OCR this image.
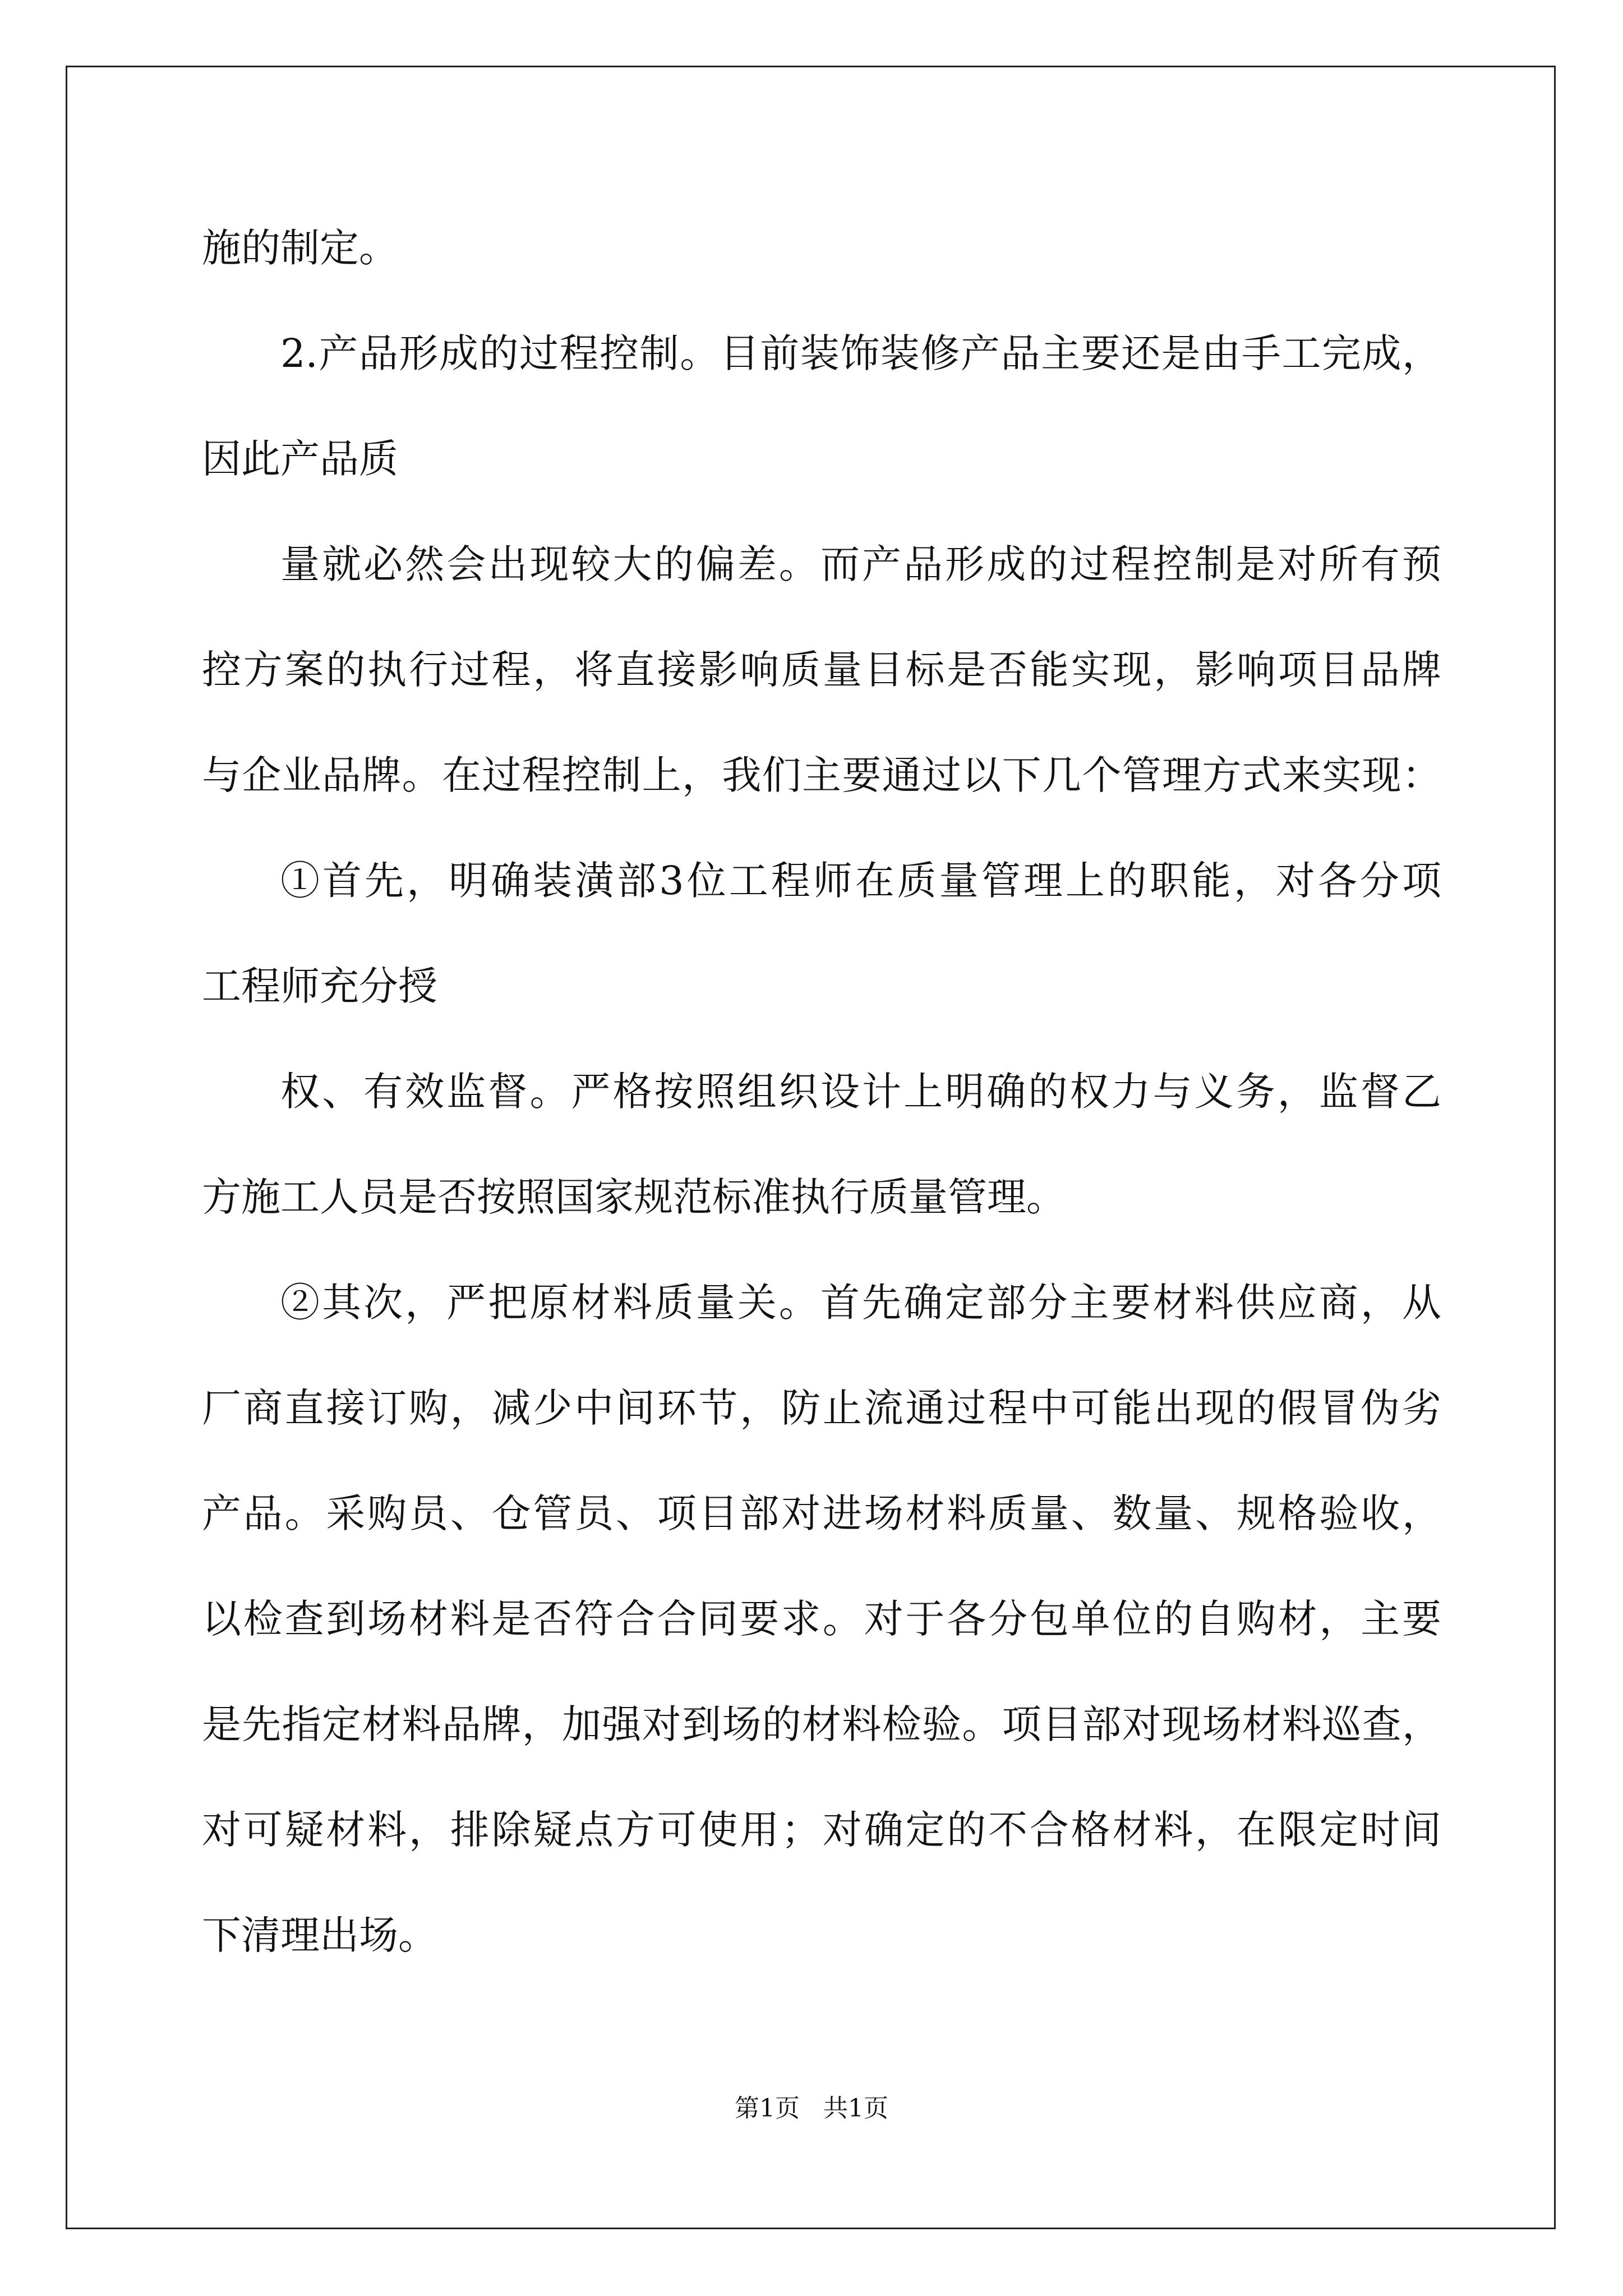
施的制定。
2.产品形成的过程控制。目前装饰装修产品主要还是由手工完成，
因此产品质
量就必然会出现较大的偏差。而产品形成的过程控制是对所有预
控方案的执行过程，将直接影响质量目标是否能实现，影响项目品牌
与企业品牌。在过程控制上，我们主要通过以下几个管理方式来实现：
①首先，明确装潢部3位工程师在质量管理上的职能，对各分项
工程师充分授
权、有效监督。严格按照组织设计上明确的权力与义务，监督乙
方施工人员是否按照国家规范标准执行质量管理。
②其次，严把原材料质量关。首先确定部分主要材料供应商，从
厂商直接订购，减少中间环节，防止流通过程中可能出现的假冒伪劣
产品。采购员、仓管员、项目部对进场材料质量、数量、规格验收，
以检查到场材料是否符合合同要求。对于各分包单位的自购材，主要
是先指定材料品牌，加强对到场的材料检验。项目部对现场材料巡查，
对可疑材料，排除疑点方可使用；对确定的不合格材料，在限定时间
下清理出场。
第1页   共1页
